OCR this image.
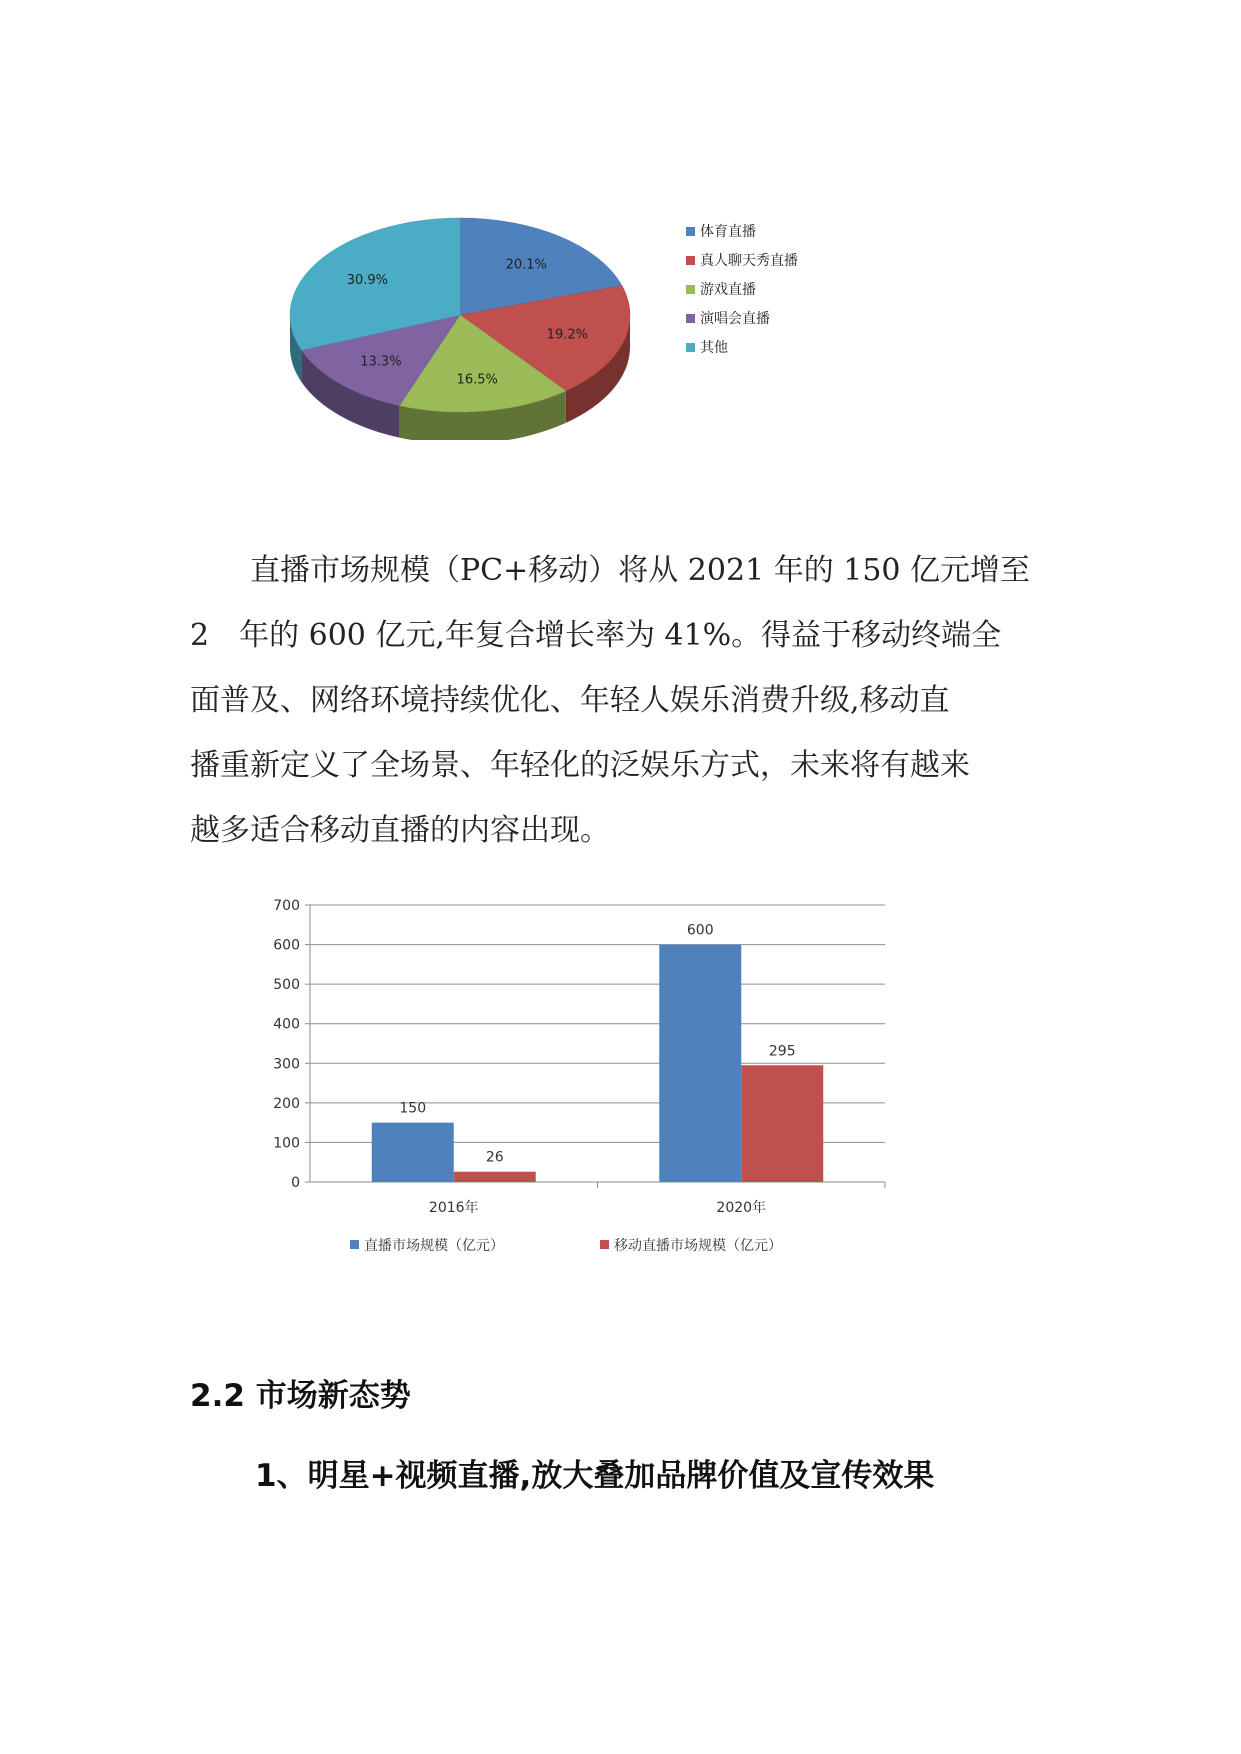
20.1%
19.2%
16.5%
13.3%
30.9%
体育直播
真人聊天秀直播
游戏直播
演唱会直播
其他

　　直播市场规模（PC+移动）将从 2021 年的 150 亿元增至

2　年的 600 亿元,年复合增长率为 41%。得益于移动终端全

面普及、网络环境持续优化、年轻人娱乐消费升级,移动直

播重新定义了全场景、年轻化的泛娱乐方式，未来将有越来

越多适合移动直播的内容出现。

0
100
200
300
400
500
600
700
150
26
2016年
600
295
2020年
直播市场规模（亿元）	移动直播市场规模（亿元）
2.2 市场新态势
1、明星+视频直播,放大叠加品牌价值及宣传效果
